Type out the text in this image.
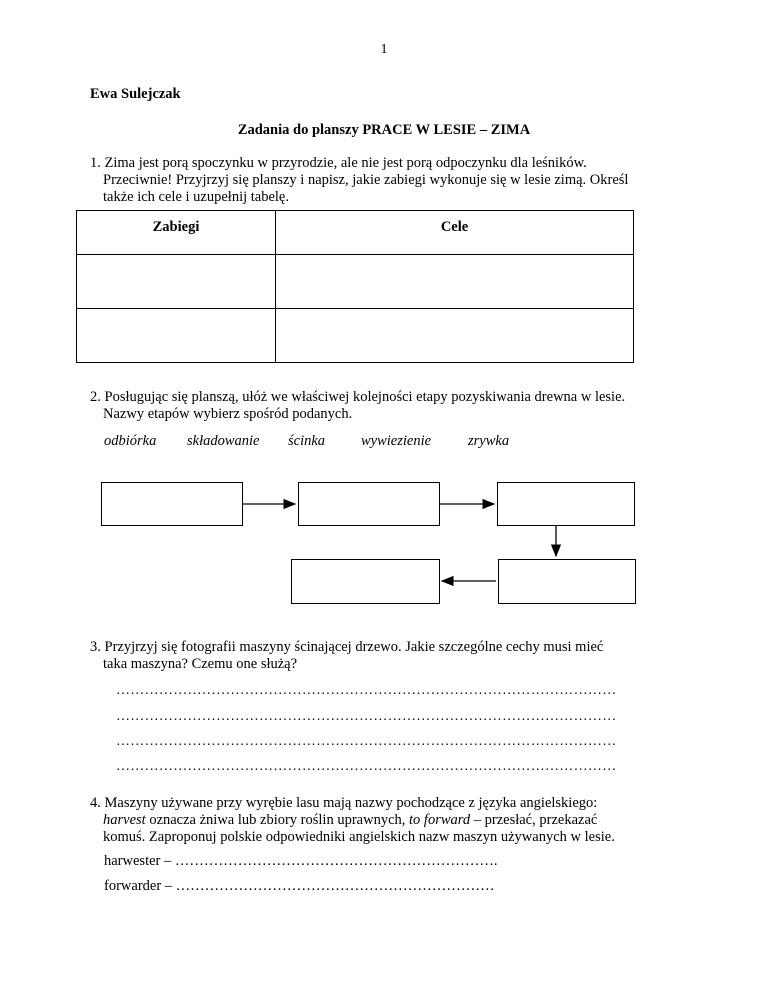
1
Ewa Sulejczak
Zadania do planszy PRACE W LESIE – ZIMA
1. Zima jest porą spoczynku w przyrodzie, ale nie jest porą odpoczynku dla leśników.
Przeciwnie! Przyjrzyj się planszy i napisz, jakie zabiegi wykonuje się w lesie zimą. Określ
także ich cele i uzupełnij tabelę.
Zabiegi	Cele

2. Posługując się planszą, ułóż we właściwej kolejności etapy pozyskiwania drewna w lesie.
Nazwy etapów wybierz spośród podanych.
odbiórka składowanie ścinka wywiezienie	zrywka
3. Przyjrzyj się fotografii maszyny ścinającej drzewo. Jakie szczególne cechy musi mieć
taka maszyna? Czemu one służą?
……………………………………………………………………………………………
……………………………………………………………………………………………
……………………………………………………………………………………………
……………………………………………………………………………………………
4. Maszyny używane przy wyrębie lasu mają nazwy pochodzące z języka angielskiego:
harvest oznacza żniwa lub zbiory roślin uprawnych, to forward – przesłać, przekazać
komuś. Zaproponuj polskie odpowiedniki angielskich nazw maszyn używanych w lesie.
harwester – ………………………………………………………….
forwarder – …………………………………………………………
